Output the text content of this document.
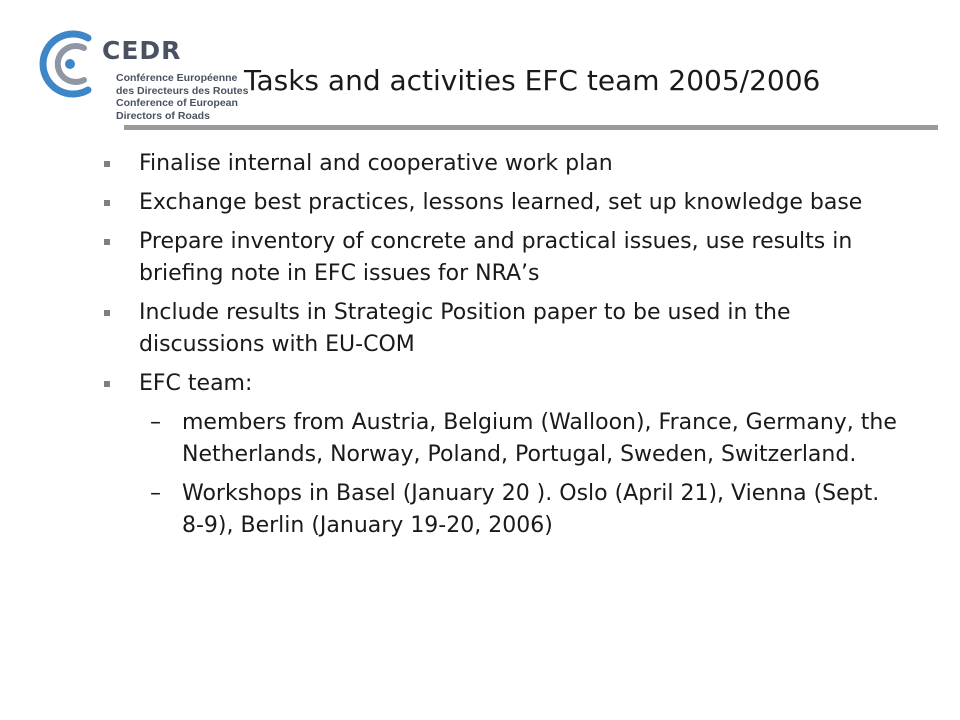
CEDR
Conférence Européenne
des Directeurs des Routes
Conference of European
Directors of Roads
Tasks and activities EFC team 2005/2006
Finalise internal and cooperative work plan
Exchange best practices, lessons learned, set up knowledge base
Prepare inventory of concrete and practical issues, use results in briefing note in EFC issues for NRA’s
Include results in Strategic Position paper to be used in the discussions with EU-COM
EFC team:
– members from Austria, Belgium (Walloon), France, Germany, the Netherlands, Norway, Poland, Portugal, Sweden, Switzerland.
– Workshops in Basel (January 20 ). Oslo (April 21), Vienna (Sept. 8-9), Berlin (January 19-20, 2006)
